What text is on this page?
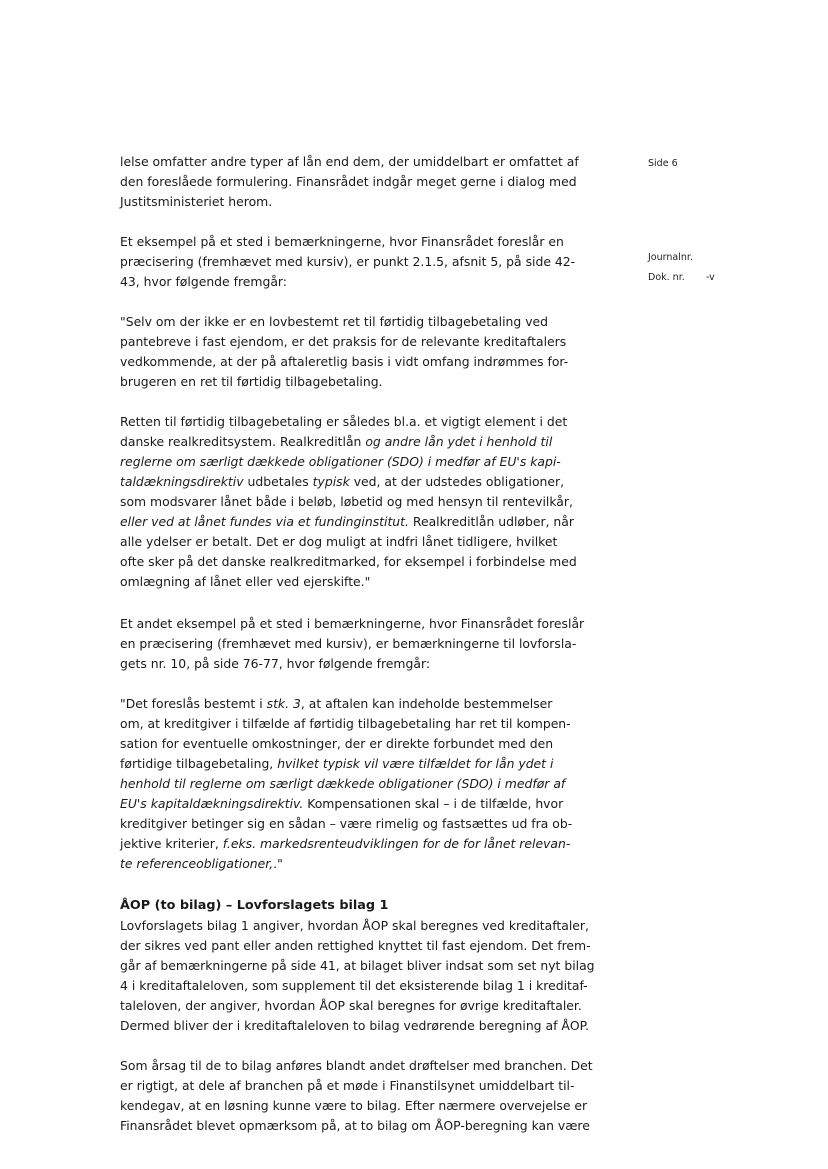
Side 6
Journalnr.
Dok. nr. -v

lelse omfatter andre typer af lån end dem, der umiddelbart er omfattet af
den foreslåede formulering. Finansrådet indgår meget gerne i dialog med
Justitsministeriet herom.

Et eksempel på et sted i bemærkningerne, hvor Finansrådet foreslår en
præcisering (fremhævet med kursiv), er punkt 2.1.5, afsnit 5, på side 42-
43, hvor følgende fremgår:

"Selv om der ikke er en lovbestemt ret til førtidig tilbagebetaling ved
pantebreve i fast ejendom, er det praksis for de relevante kreditaftalers
vedkommende, at der på aftaleretlig basis i vidt omfang indrømmes for-
brugeren en ret til førtidig tilbagebetaling.

Retten til førtidig tilbagebetaling er således bl.a. et vigtigt element i det
danske realkreditsystem. Realkreditlån og andre lån ydet i henhold til
reglerne om særligt dækkede obligationer (SDO) i medfør af EU's kapi-
taldækningsdirektiv udbetales typisk ved, at der udstedes obligationer,
som modsvarer lånet både i beløb, løbetid og med hensyn til rentevilkår,
eller ved at lånet fundes via et fundinginstitut. Realkreditlån udløber, når
alle ydelser er betalt. Det er dog muligt at indfri lånet tidligere, hvilket
ofte sker på det danske realkreditmarked, for eksempel i forbindelse med
omlægning af lånet eller ved ejerskifte."

Et andet eksempel på et sted i bemærkningerne, hvor Finansrådet foreslår
en præcisering (fremhævet med kursiv), er bemærkningerne til lovforsla-
gets nr. 10, på side 76-77, hvor følgende fremgår:

"Det foreslås bestemt i stk. 3, at aftalen kan indeholde bestemmelser
om, at kreditgiver i tilfælde af førtidig tilbagebetaling har ret til kompen-
sation for eventuelle omkostninger, der er direkte forbundet med den
førtidige tilbagebetaling, hvilket typisk vil være tilfældet for lån ydet i
henhold til reglerne om særligt dækkede obligationer (SDO) i medfør af
EU's kapitaldækningsdirektiv. Kompensationen skal – i de tilfælde, hvor
kreditgiver betinger sig en sådan – være rimelig og fastsættes ud fra ob-
jektive kriterier, f.eks. markedsrenteudviklingen for de for lånet relevan-
te referenceobligationer,."

ÅOP (to bilag) – Lovforslagets bilag 1

Lovforslagets bilag 1 angiver, hvordan ÅOP skal beregnes ved kreditaftaler,
der sikres ved pant eller anden rettighed knyttet til fast ejendom. Det frem-
går af bemærkningerne på side 41, at bilaget bliver indsat som set nyt bilag
4 i kreditaftaleloven, som supplement til det eksisterende bilag 1 i kreditaf-
taleloven, der angiver, hvordan ÅOP skal beregnes for øvrige kreditaftaler.
Dermed bliver der i kreditaftaleloven to bilag vedrørende beregning af ÅOP.

Som årsag til de to bilag anføres blandt andet drøftelser med branchen. Det
er rigtigt, at dele af branchen på et møde i Finanstilsynet umiddelbart til-
kendegav, at en løsning kunne være to bilag. Efter nærmere overvejelse er
Finansrådet blevet opmærksom på, at to bilag om ÅOP-beregning kan være
